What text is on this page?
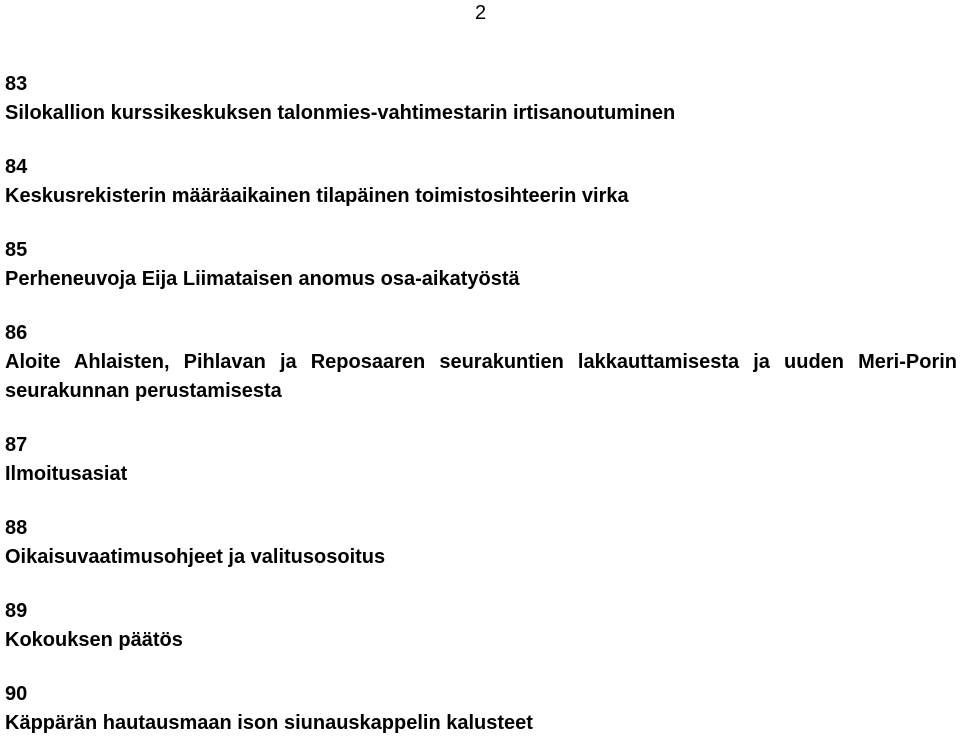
2
83
Silokallion kurssikeskuksen talonmies-vahtimestarin irtisanoutuminen
84
Keskusrekisterin määräaikainen tilapäinen toimistosihteerin virka
85
Perheneuvoja Eija Liimataisen anomus osa-aikatyöstä
86
Aloite Ahlaisten, Pihlavan ja Reposaaren seurakuntien lakkauttamisesta ja uuden Meri-Porin seurakunnan perustamisesta
87
Ilmoitusasiat
88
Oikaisuvaatimusohjeet ja valitusosoitus
89
Kokouksen päätös
90
Käppärän hautausmaan ison siunauskappelin kalusteet
